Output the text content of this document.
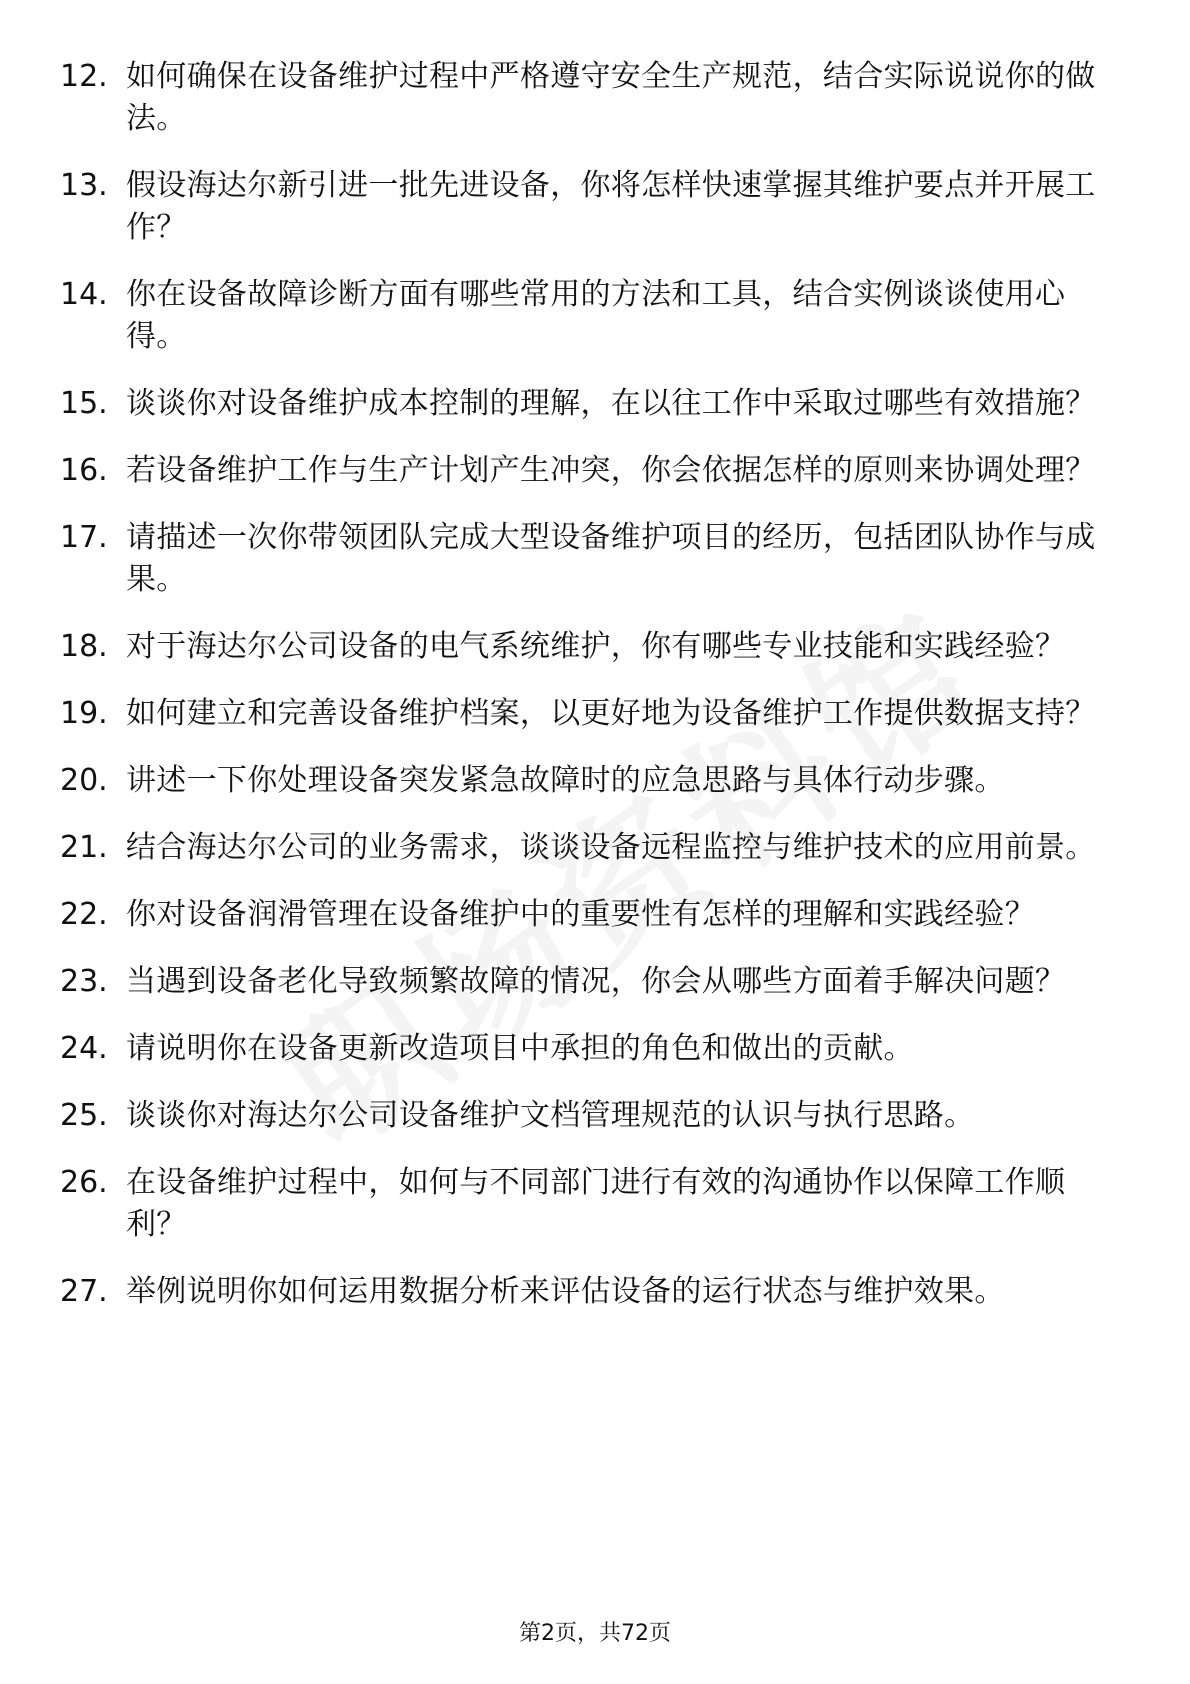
12. 如何确保在设备维护过程中严格遵守安全生产规范，结合实际说说你的做法。
13. 假设海达尔新引进一批先进设备，你将怎样快速掌握其维护要点并开展工作？
14. 你在设备故障诊断方面有哪些常用的方法和工具，结合实例谈谈使用心得。
15. 谈谈你对设备维护成本控制的理解，在以往工作中采取过哪些有效措施？
16. 若设备维护工作与生产计划产生冲突，你会依据怎样的原则来协调处理？
17. 请描述一次你带领团队完成大型设备维护项目的经历，包括团队协作与成果。
18. 对于海达尔公司设备的电气系统维护，你有哪些专业技能和实践经验？
19. 如何建立和完善设备维护档案，以更好地为设备维护工作提供数据支持？
20. 讲述一下你处理设备突发紧急故障时的应急思路与具体行动步骤。
21. 结合海达尔公司的业务需求，谈谈设备远程监控与维护技术的应用前景。
22. 你对设备润滑管理在设备维护中的重要性有怎样的理解和实践经验？
23. 当遇到设备老化导致频繁故障的情况，你会从哪些方面着手解决问题？
24. 请说明你在设备更新改造项目中承担的角色和做出的贡献。
25. 谈谈你对海达尔公司设备维护文档管理规范的认识与执行思路。
26. 在设备维护过程中，如何与不同部门进行有效的沟通协作以保障工作顺利？
27. 举例说明你如何运用数据分析来评估设备的运行状态与维护效果。
第2页，共72页
